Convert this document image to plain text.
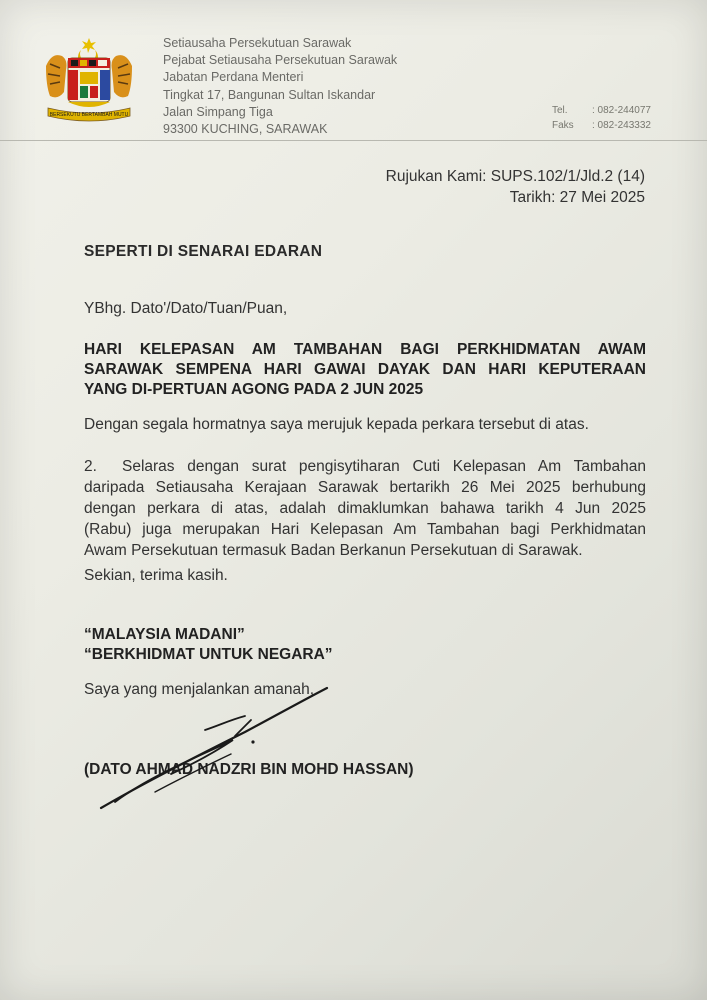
BERSEKUTU BERTAMBAH MUTU
Setiausaha Persekutuan Sarawak
Pejabat Setiausaha Persekutuan Sarawak
Jabatan Perdana Menteri
Tingkat 17, Bangunan Sultan Iskandar
Jalan Simpang Tiga
93300 KUCHING, SARAWAK
Tel.	: 082-244077
Faks	: 082-243332
Rujukan Kami: SUPS.102/1/Jld.2 (14)
Tarikh: 27 Mei 2025
SEPERTI DI SENARAI EDARAN
YBhg. Dato'/Dato/Tuan/Puan,
HARI KELEPASAN AM TAMBAHAN BAGI PERKHIDMATAN AWAM
SARAWAK SEMPENA HARI GAWAI DAYAK DAN HARI KEPUTERAAN
YANG DI-PERTUAN AGONG PADA 2 JUN 2025
Dengan segala hormatnya saya merujuk kepada perkara tersebut di atas.
2. Selaras dengan surat pengisytiharan Cuti Kelepasan Am Tambahan
daripada Setiausaha Kerajaan Sarawak bertarikh 26 Mei 2025 berhubung
dengan perkara di atas, adalah dimaklumkan bahawa tarikh 4 Jun 2025
(Rabu) juga merupakan Hari Kelepasan Am Tambahan bagi Perkhidmatan
Awam Persekutuan termasuk Badan Berkanun Persekutuan di Sarawak.
Sekian, terima kasih.
“MALAYSIA MADANI”
“BERKHIDMAT UNTUK NEGARA”
Saya yang menjalankan amanah,
(DATO AHMAD NADZRI BIN MOHD HASSAN)
